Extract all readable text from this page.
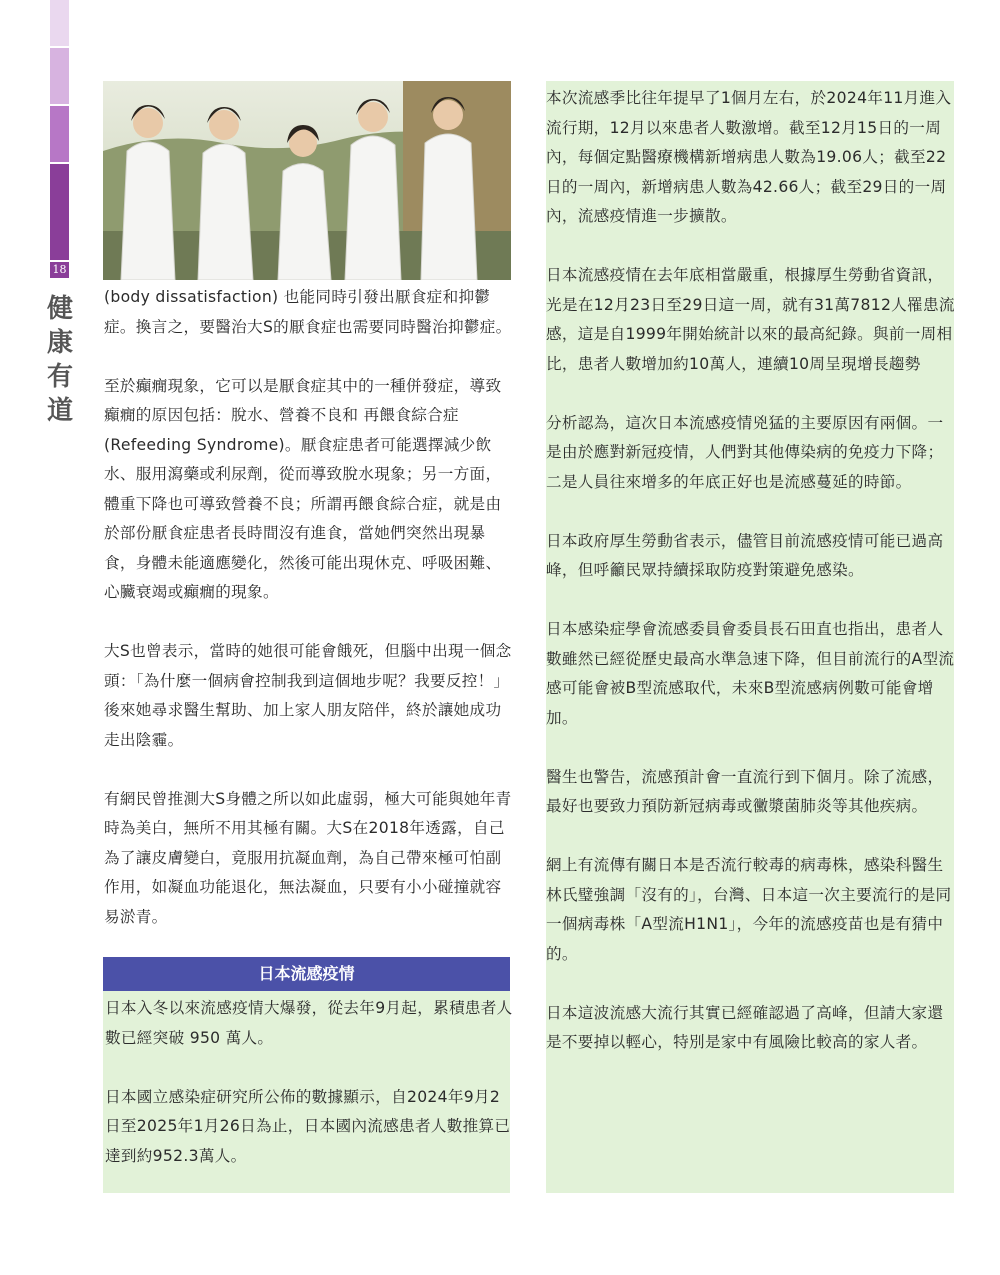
18
健
康
有
道

(body dissatisfaction) 也能同時引發出厭食症和抑鬱症。換言之，要醫治大S的厭食症也需要同時醫治抑鬱症。

至於癲癇現象，它可以是厭食症其中的一種併發症，導致癲癇的原因包括：脫水、營養不良和 再餵食綜合症 (Refeeding Syndrome)。厭食症患者可能選擇減少飲水、服用瀉藥或利尿劑，從而導致脫水現象；另一方面，體重下降也可導致營養不良；所謂再餵食綜合症，就是由於部份厭食症患者長時間沒有進食，當她們突然出現暴食，身體未能適應變化，然後可能出現休克、呼吸困難、心臟衰竭或癲癇的現象。

大S也曾表示，當時的她很可能會餓死，但腦中出現一個念頭：「為什麼一個病會控制我到這個地步呢？我要反控！」後來她尋求醫生幫助、加上家人朋友陪伴，終於讓她成功走出陰霾。

有網民曾推測大S身體之所以如此虛弱，極大可能與她年青時為美白，無所不用其極有關。大S在2018年透露，自己為了讓皮膚變白，竟服用抗凝血劑，為自己帶來極可怕副作用，如凝血功能退化，無法凝血，只要有小小碰撞就容易淤青。

日本流感疫情

日本入冬以來流感疫情大爆發，從去年9月起，累積患者人數已經突破 950 萬人。

日本國立感染症研究所公佈的數據顯示，自2024年9月2日至2025年1月26日為止，日本國內流感患者人數推算已達到約952.3萬人。

本次流感季比往年提早了1個月左右，於2024年11月進入流行期，12月以來患者人數激增。截至12月15日的一周內，每個定點醫療機構新增病患人數為19.06人；截至22日的一周內，新增病患人數為42.66人；截至29日的一周內，流感疫情進一步擴散。

日本流感疫情在去年底相當嚴重，根據厚生勞動省資訊，光是在12月23日至29日這一周，就有31萬7812人罹患流感，這是自1999年開始統計以來的最高紀錄。與前一周相比，患者人數增加約10萬人，連續10周呈現增長趨勢

分析認為，這次日本流感疫情兇猛的主要原因有兩個。一是由於應對新冠疫情，人們對其他傳染病的免疫力下降；二是人員往來增多的年底正好也是流感蔓延的時節。

日本政府厚生勞動省表示，儘管目前流感疫情可能已過高峰，但呼籲民眾持續採取防疫對策避免感染。

日本感染症學會流感委員會委員長石田直也指出，患者人數雖然已經從歷史最高水準急速下降，但目前流行的A型流感可能會被B型流感取代，未來B型流感病例數可能會增加。

醫生也警告，流感預計會一直流行到下個月。除了流感，最好也要致力預防新冠病毒或黴漿菌肺炎等其他疾病。

網上有流傳有關日本是否流行較毒的病毒株，感染科醫生林氏璧強調「沒有的」，台灣、日本這一次主要流行的是同一個病毒株「A型流H1N1」，今年的流感疫苗也是有猜中的。

日本這波流感大流行其實已經確認過了高峰，但請大家還是不要掉以輕心，特別是家中有風險比較高的家人者。
